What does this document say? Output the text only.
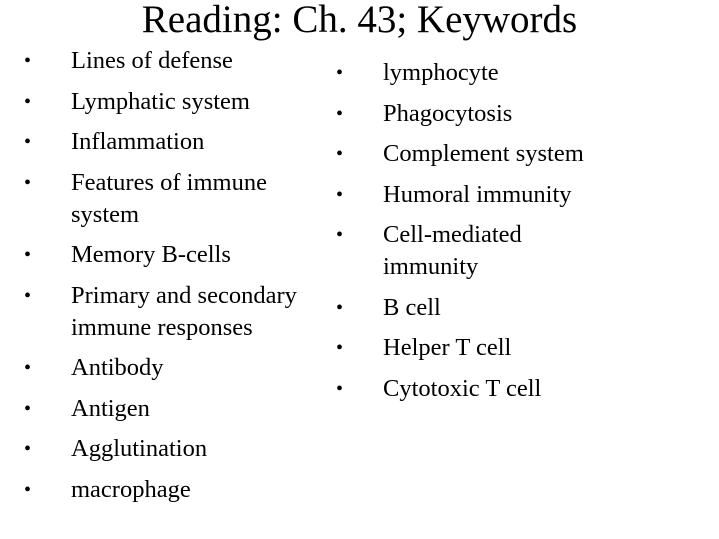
Reading: Ch. 43; Keywords
• Lines of defense
• Lymphatic system
• Inflammation
• Features of immune
system
• Memory B-cells
• Primary and secondary
immune responses
• Antibody
• Antigen
• Agglutination
• macrophage
• lymphocyte
• Phagocytosis
• Complement system
• Humoral immunity
• Cell-mediated
immunity
• B cell
• Helper T cell
• Cytotoxic T cell
